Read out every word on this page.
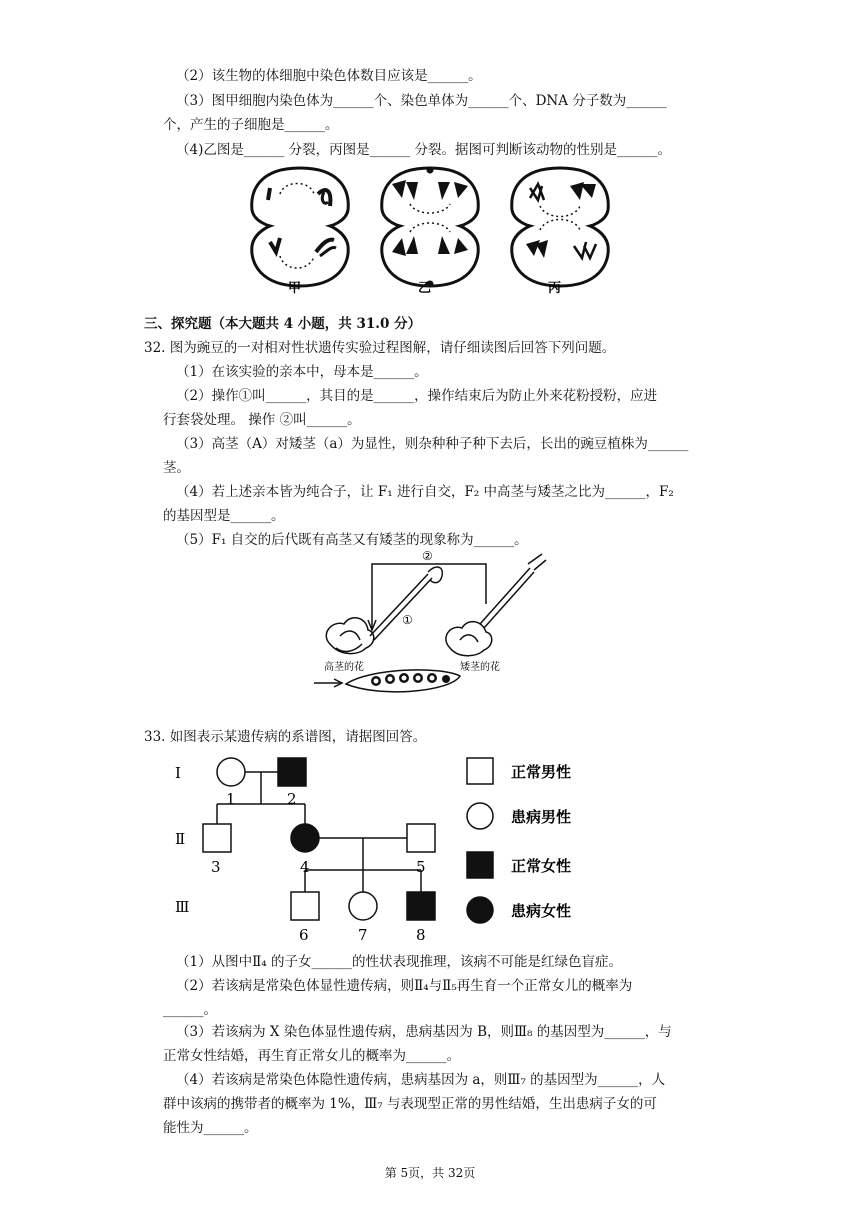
（2）该生物的体细胞中染色体数目应该是______。
（3）图甲细胞内染色体为______个、染色单体为______个、DNA 分子数为______
个，产生的子细胞是______。
（4)乙图是______ 分裂，丙图是______ 分裂。据图可判断该动物的性别是______。
甲	乙	丙
三、探究题（本大题共 4 小题，共 31.0 分）
32. 图为豌豆的一对相对性状遗传实验过程图解，请仔细读图后回答下列问题。
（1）在该实验的亲本中，母本是______。
（2）操作①叫______，其目的是______，操作结束后为防止外来花粉授粉，应进
行套袋处理。 操作 ②叫______。
（3）高茎（A）对矮茎（a）为显性，则杂种种子种下去后，长出的豌豆植株为______
茎。
（4）若上述亲本皆为纯合子，让 F₁ 进行自交，F₂ 中高茎与矮茎之比为______，F₂
的基因型是______。
（5）F₁ 自交的后代既有高茎又有矮茎的现象称为______。
②
①
高茎的花	矮茎的花
33. 如图表示某遗传病的系谱图，请据图回答。
Ⅰ
Ⅱ
Ⅲ
1	2
3	4	5
6	7	8
正常男性
患病男性
正常女性
患病女性
（1）从图中Ⅱ₄ 的子女______的性状表现推理，该病不可能是红绿色盲症。
（2）若该病是常染色体显性遗传病，则Ⅱ₄与Ⅱ₅再生育一个正常女儿的概率为
______。
（3）若该病为 X 染色体显性遗传病，患病基因为 B，则Ⅲ₈ 的基因型为______，与
正常女性结婚，再生育正常女儿的概率为______。
（4）若该病是常染色体隐性遗传病，患病基因为 a，则Ⅲ₇ 的基因型为______，人
群中该病的携带者的概率为 1%，Ⅲ₇ 与表现型正常的男性结婚，生出患病子女的可
能性为______。
第 5页，共 32页
